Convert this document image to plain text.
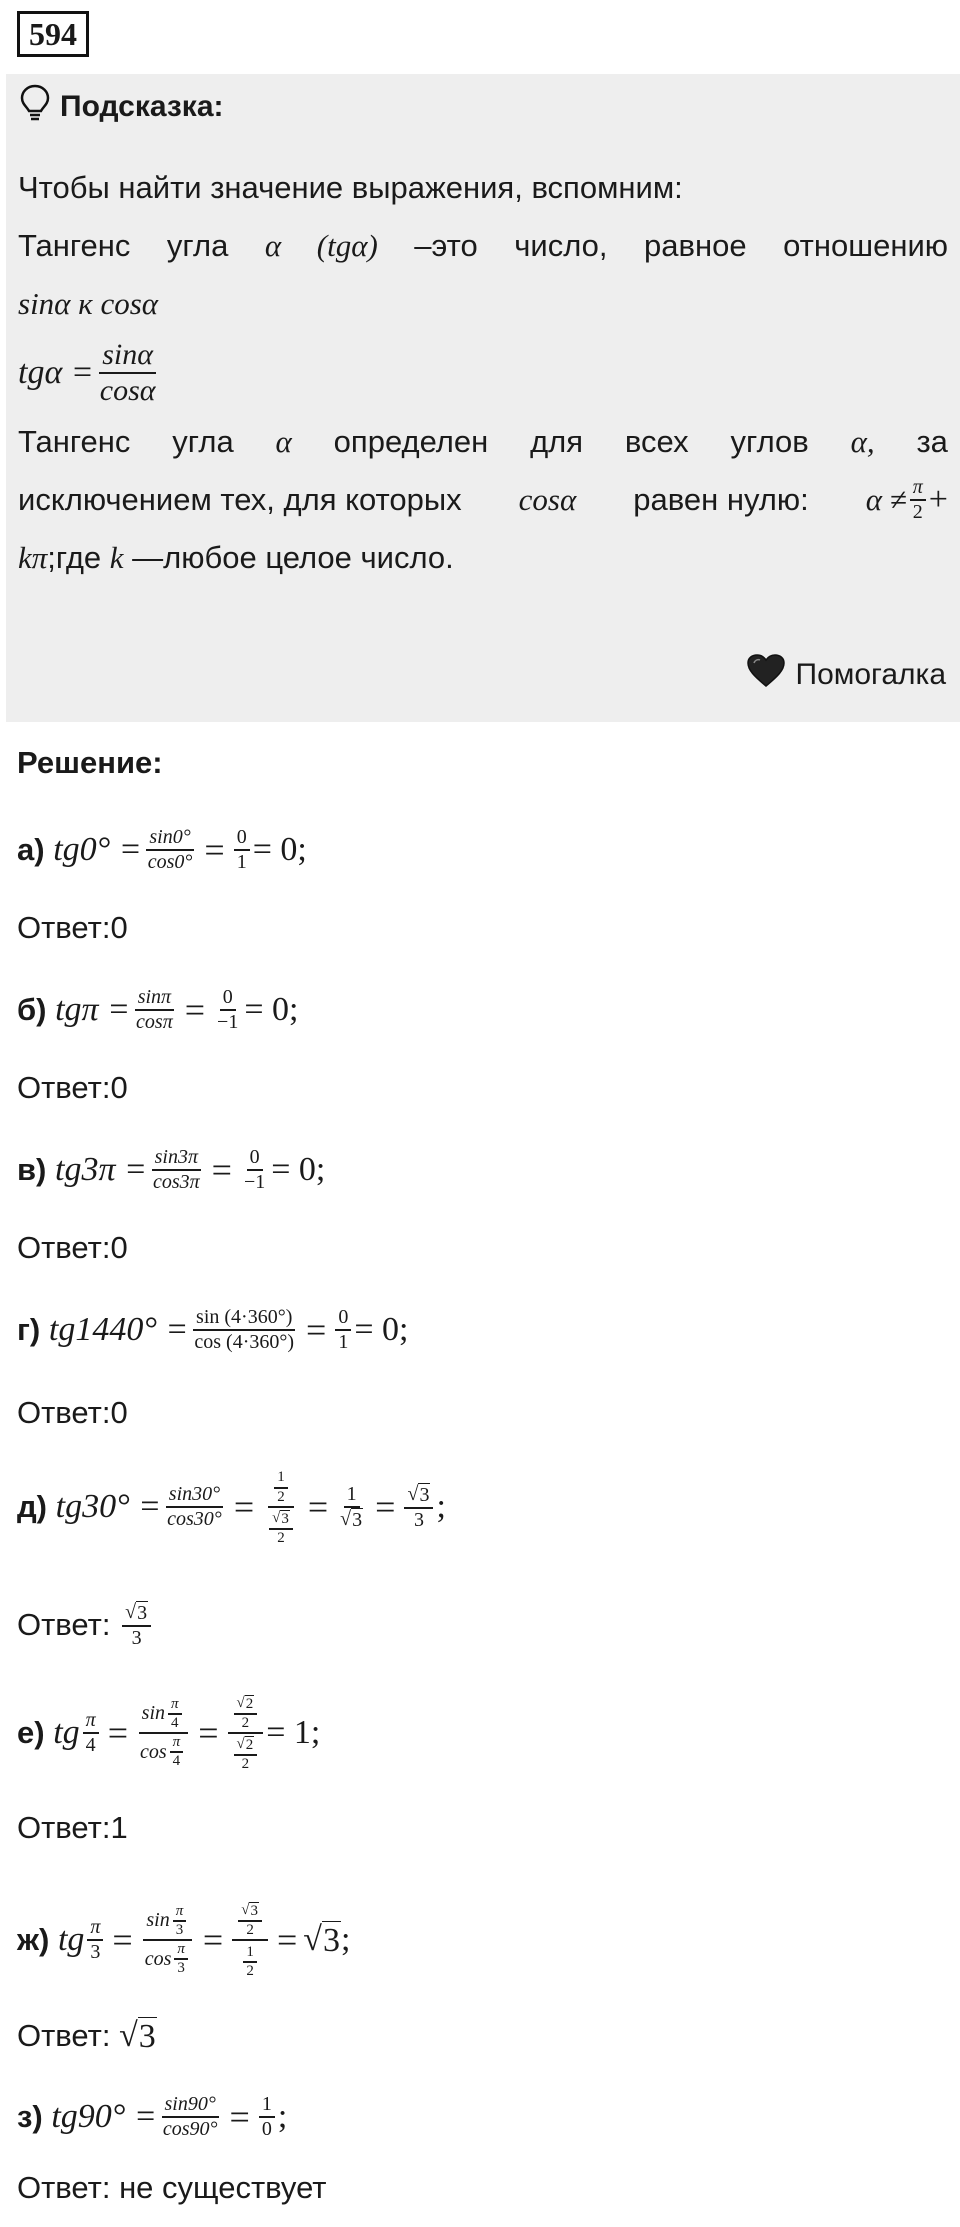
594
Подсказка:
Чтобы найти значение выражения, вспомним:
Тангенс угла α (tgα) –это число, равное отношению
sinα к cosα
$tg\alpha = \frac{\sin\alpha}{\cos\alpha}$
Тангенс угла α определен для всех углов α, за
исключением тех, для которых cosα равен нулю: $\alpha \ne \frac{\pi}{2}$ +
kπ;где k —любое целое число.
Помогалка
Решение:
а)
$tg0^\circ = \frac{\sin 0^\circ}{\cos 0^\circ} = \frac{0}{1} = 0$;
Ответ:0
б)
$tg\pi = \frac{\sin\pi}{\cos\pi} = \frac{0}{-1} = 0$;
Ответ:0
в)
$tg3\pi = \frac{\sin 3\pi}{\cos 3\pi} = \frac{0}{-1} = 0$;
Ответ:0
г)
$tg1440^\circ = \frac{\sin (4\cdot 360^\circ)}{\cos (4\cdot 360^\circ)} = \frac{0}{1} = 0$;
Ответ:0
д)
$tg30^\circ = \frac{\sin 30^\circ}{\cos 30^\circ} = \frac{\frac{1}{2}}{\frac{√ 3}{2}} = \frac{1}{√ 3} = \frac{√ 3}{3}$ ;
Ответ:
$\frac{√ 3}{3}$
е)
tg $\frac{\pi}{4} = \frac{\sin \frac{\pi}{4}}{\cos \frac{\pi}{4}} = \frac{\frac{√ 2}{2}}{\frac{√ 2}{2}} = 1$;
Ответ:1
ж)
tg $\frac{\pi}{3} = \frac{\sin \frac{\pi}{3}}{\cos \frac{\pi}{3}} = \frac{\frac{√ 3}{2}}{\frac{1}{2}}$ = √ 3 ;
Ответ:
√ 3
з)
$tg90^\circ = \frac{\sin 90^\circ}{\cos 90^\circ} = \frac{1}{0}$ ;
Ответ: не существует
